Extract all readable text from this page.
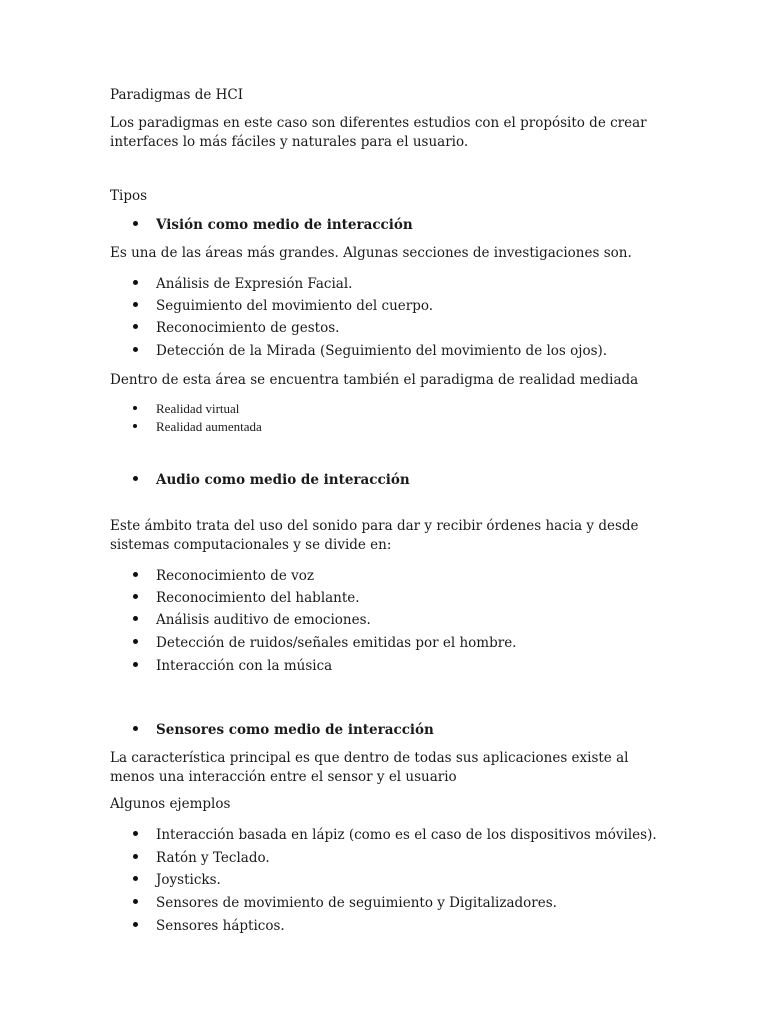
Paradigmas de HCI

Los paradigmas en este caso son diferentes estudios con el propósito de crear interfaces lo más fáciles y naturales para el usuario.

Tipos

Visión como medio de interacción

Es una de las áreas más grandes. Algunas secciones de investigaciones son.

Análisis de Expresión Facial.
Seguimiento del movimiento del cuerpo.
Reconocimiento de gestos.
Detección de la Mirada (Seguimiento del movimiento de los ojos).

Dentro de esta área se encuentra también el paradigma de realidad mediada

Realidad virtual
Realidad aumentada
Audio como medio de interacción

Este ámbito trata del uso del sonido para dar y recibir órdenes hacia y desde sistemas computacionales y se divide en:

Reconocimiento de voz
Reconocimiento del hablante.
Análisis auditivo de emociones.
Detección de ruidos/señales emitidas por el hombre.
Interacción con la música
Sensores como medio de interacción

La característica principal es que dentro de todas sus aplicaciones existe al menos una interacción entre el sensor y el usuario

Algunos ejemplos

Interacción basada en lápiz (como es el caso de los dispositivos móviles).
Ratón y Teclado.
Joysticks.
Sensores de movimiento de seguimiento y Digitalizadores.
Sensores hápticos.
